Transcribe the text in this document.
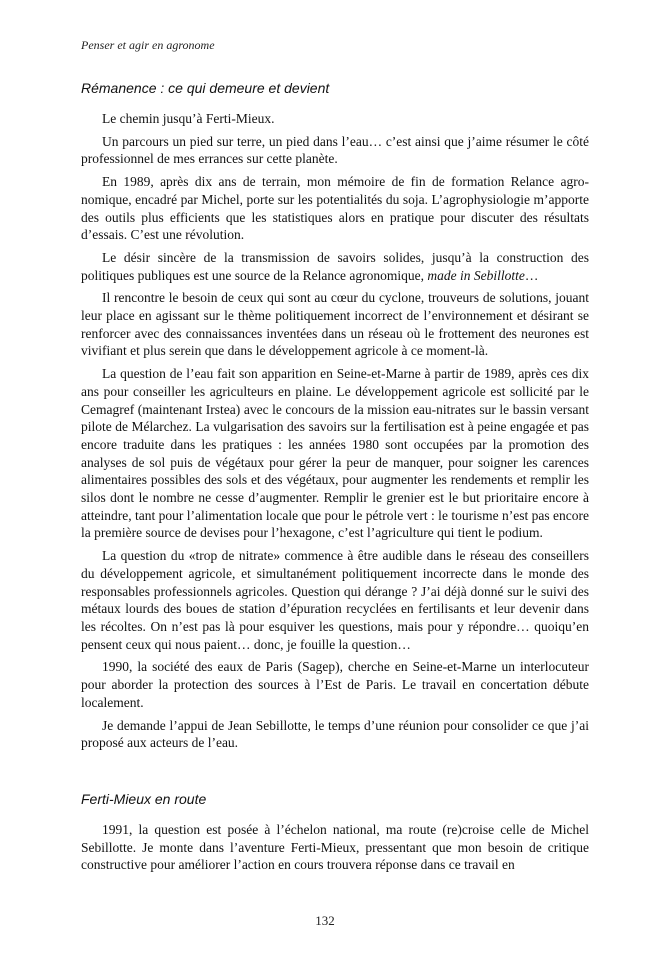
Penser et agir en agronome
Rémanence : ce qui demeure et devient

Le chemin jusqu’à Ferti-Mieux.

Un parcours un pied sur terre, un pied dans l’eau… c’est ainsi que j’aime résumer le côté professionnel de mes errances sur cette planète.

En 1989, après dix ans de terrain, mon mémoire de fin de formation Relance agronomique, encadré par Michel, porte sur les potentialités du soja. L’agrophysiologie m’apporte des outils plus efficients que les statistiques alors en pratique pour discuter des résultats d’essais. C’est une révolution.

Le désir sincère de la transmission de savoirs solides, jusqu’à la construction des politiques publiques est une source de la Relance agronomique, made in Sebillotte…

Il rencontre le besoin de ceux qui sont au cœur du cyclone, trouveurs de solutions, jouant leur place en agissant sur le thème politiquement incorrect de l’environnement et désirant se renforcer avec des connaissances inventées dans un réseau où le frottement des neurones est vivifiant et plus serein que dans le développement agricole à ce moment-là.

La question de l’eau fait son apparition en Seine-et-Marne à partir de 1989, après ces dix ans pour conseiller les agriculteurs en plaine. Le développement agricole est sollicité par le Cemagref (maintenant Irstea) avec le concours de la mission eau-nitrates sur le bassin versant pilote de Mélarchez. La vulgarisation des savoirs sur la fertilisation est à peine engagée et pas encore traduite dans les pratiques : les années 1980 sont occupées par la promotion des analyses de sol puis de végétaux pour gérer la peur de manquer, pour soigner les carences alimentaires possibles des sols et des végétaux, pour augmenter les rendements et remplir les silos dont le nombre ne cesse d’augmenter. Remplir le grenier est le but prioritaire encore à atteindre, tant pour l’alimentation locale que pour le pétrole vert : le tourisme n’est pas encore la première source de devises pour l’hexagone, c’est l’agriculture qui tient le podium.

La question du «trop de nitrate» commence à être audible dans le réseau des conseillers du développement agricole, et simultanément politiquement incorrecte dans le monde des responsables professionnels agricoles. Question qui dérange ? J’ai déjà donné sur le suivi des métaux lourds des boues de station d’épuration recyclées en fertilisants et leur devenir dans les récoltes. On n’est pas là pour esquiver les questions, mais pour y répondre… quoiqu’en pensent ceux qui nous paient… donc, je fouille la question…

1990, la société des eaux de Paris (Sagep), cherche en Seine-et-Marne un interlocuteur pour aborder la protection des sources à l’Est de Paris. Le travail en concertation débute localement.

Je demande l’appui de Jean Sebillotte, le temps d’une réunion pour consolider ce que j’ai proposé aux acteurs de l’eau.

Ferti-Mieux en route

1991, la question est posée à l’échelon national, ma route (re)croise celle de Michel Sebillotte. Je monte dans l’aventure Ferti-Mieux, pressentant que mon besoin de critique constructive pour améliorer l’action en cours trouvera réponse dans ce travail en

132
